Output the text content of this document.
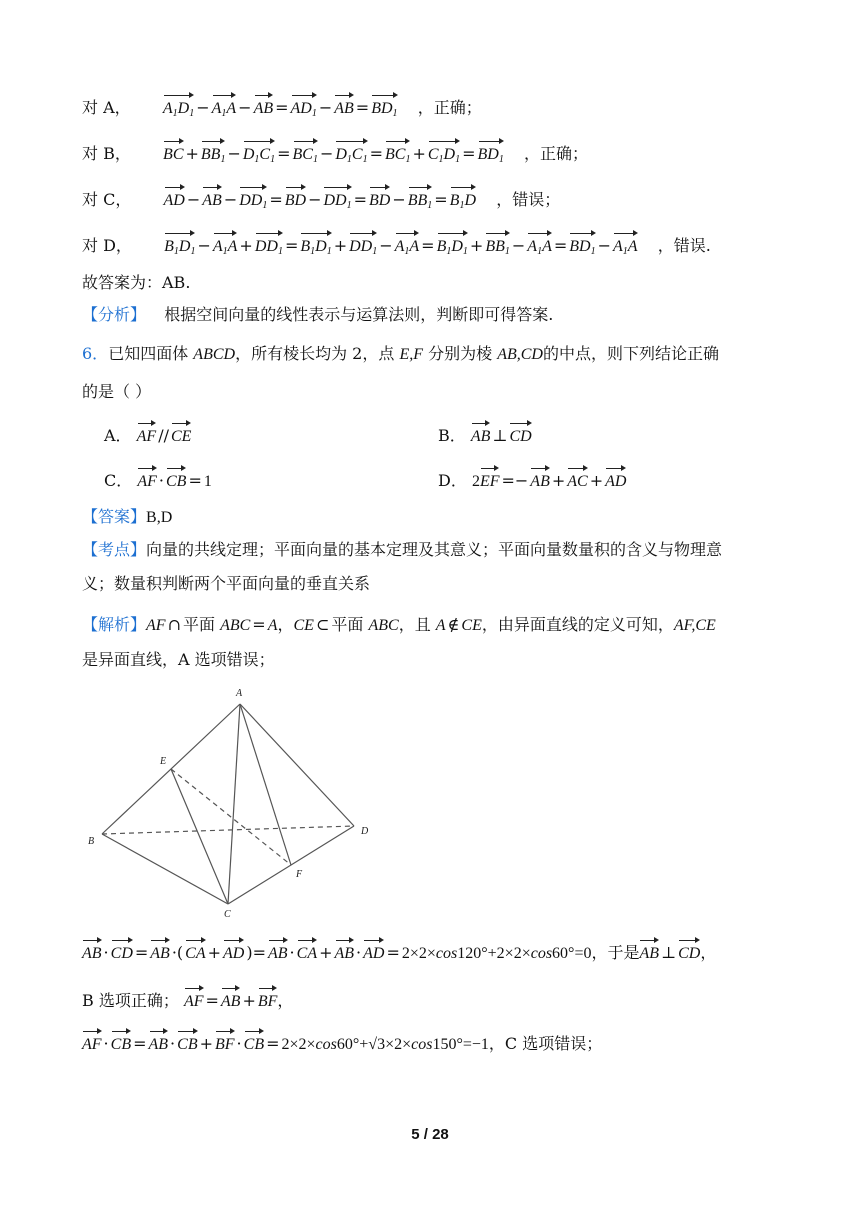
对 A， $A_1D_1 - A_1A$ − AB = $AD_1$ − AB = $BD_1$ ，正确；
对 B， BC + $BB_1 - D_1C_1 = BC_1 - D_1C_1 = BC_1 + C_1D_1 = BD_1$ ，正确；
对 C， AD − AB − $DD_1$ = BD − $DD_1$ = BD − $BB_1 = B_1D$ ，错误；
对 D， $B_1D_1 - A_1A + DD_1 = B_1D_1 + DD_1 - A_1A = B_1D_1 + BB_1 - A_1A = BD_1 - A_1A$ ，错误.
故答案为：AB.
【分析】 根据空间向量的线性表示与运算法则，判断即可得答案.
6．已知四面体 ABCD，所有棱长均为 2，点 E,F 分别为棱 AB,CD的中点，则下列结论正确
的是（ ）
A． AF // CE	B． AB ⊥ CD
C． AF · CB = 1	D． 2EF =− AB + AC + AD
【答案】B,D
【考点】向量的共线定理；平面向量的基本定理及其意义；平面向量数量积的含义与物理意
义；数量积判断两个平面向量的垂直关系
【解析】AF ∩ 平面 ABC = A，CE ⊂ 平面 ABC，且 A ∉ CE，由异面直线的定义可知，AF,CE
是异面直线，A 选项错误；
A
B
C
D
E
F
AB · CD = AB ·( CA + AD )= AB · CA + AB · AD = 2×2×cos120°+2×2×cos60°=0，于是AB ⊥ CD，
B 选项正确； AF = AB + BF，
AF · CB = AB · CB + BF · CB = 2×2×cos60°+√3×2×cos150°=−1，C 选项错误；
5 / 28
